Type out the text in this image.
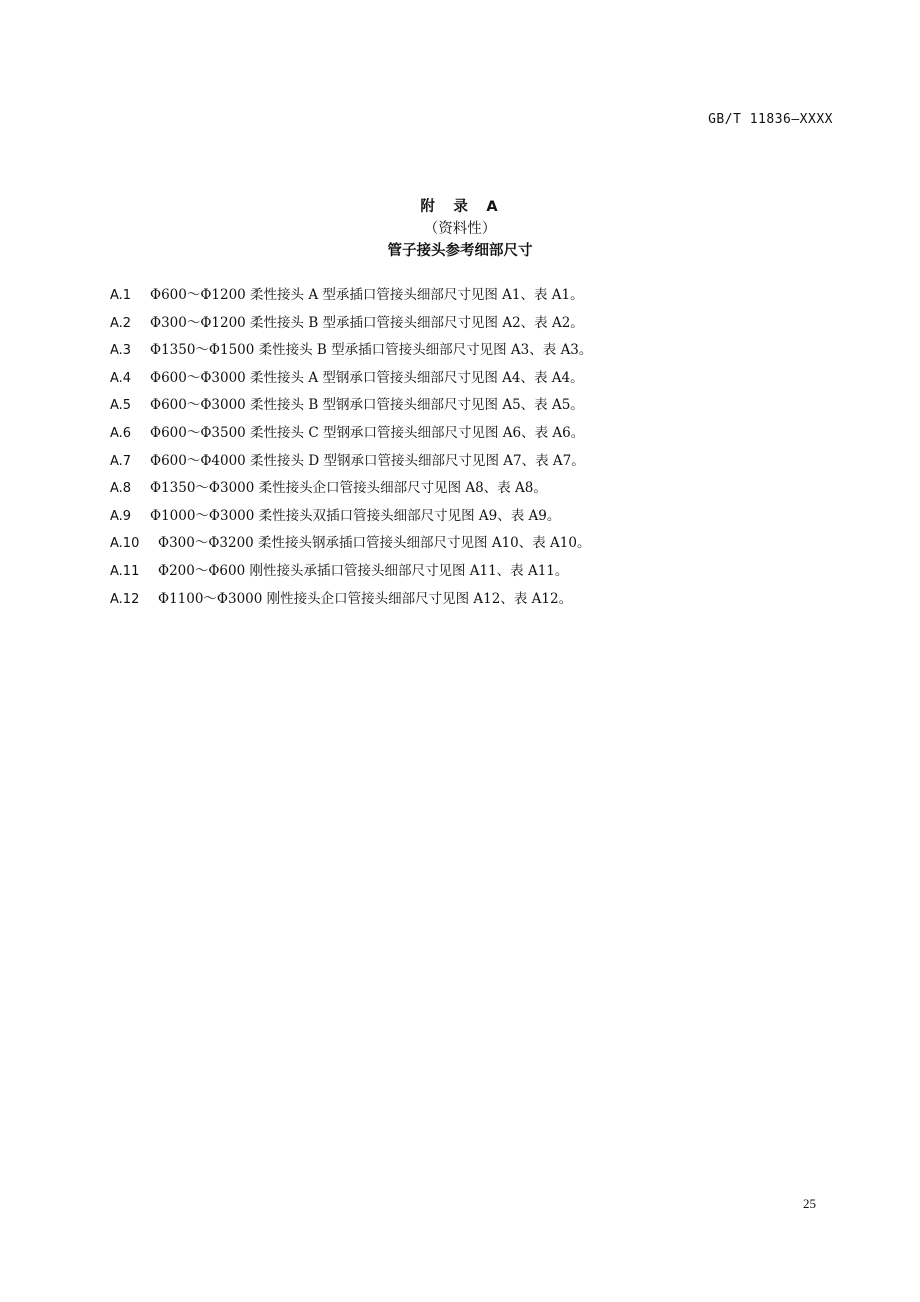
GB/T 11836—XXXX
附　录　A
（资料性）
管子接头参考细部尺寸
A.1	Φ600～Φ1200 柔性接头 A 型承插口管接头细部尺寸见图 A1、表 A1。
A.2	Φ300～Φ1200 柔性接头 B 型承插口管接头细部尺寸见图 A2、表 A2。
A.3	Φ1350～Φ1500 柔性接头 B 型承插口管接头细部尺寸见图 A3、表 A3。
A.4	Φ600～Φ3000 柔性接头 A 型钢承口管接头细部尺寸见图 A4、表 A4。
A.5	Φ600～Φ3000 柔性接头 B 型钢承口管接头细部尺寸见图 A5、表 A5。
A.6	Φ600～Φ3500 柔性接头 C 型钢承口管接头细部尺寸见图 A6、表 A6。
A.7	Φ600～Φ4000 柔性接头 D 型钢承口管接头细部尺寸见图 A7、表 A7。
A.8	Φ1350～Φ3000 柔性接头企口管接头细部尺寸见图 A8、表 A8。
A.9	Φ1000～Φ3000 柔性接头双插口管接头细部尺寸见图 A9、表 A9。
A.10	Φ300～Φ3200 柔性接头钢承插口管接头细部尺寸见图 A10、表 A10。
A.11	Φ200～Φ600 刚性接头承插口管接头细部尺寸见图 A11、表 A11。
A.12	Φ1100～Φ3000 刚性接头企口管接头细部尺寸见图 A12、表 A12。
25
